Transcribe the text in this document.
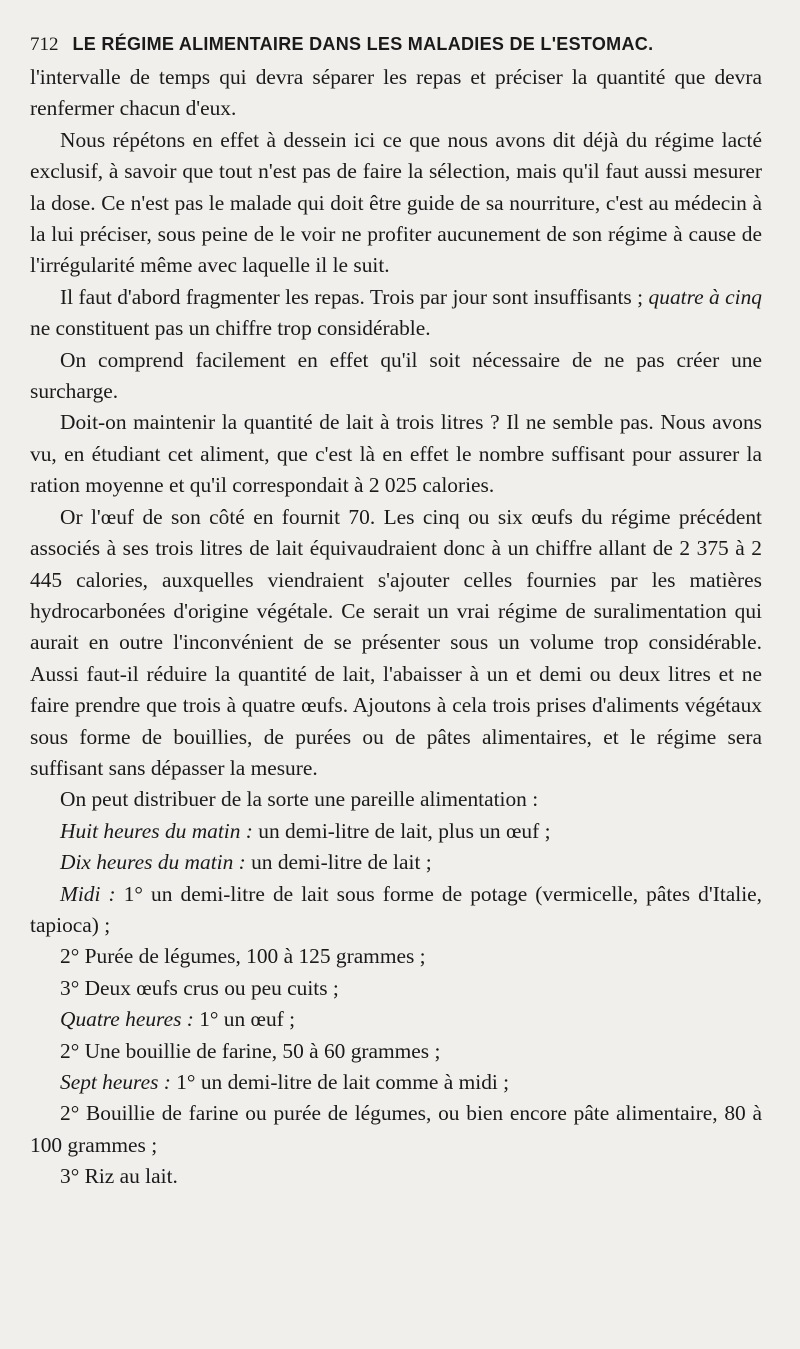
712 LE RÉGIME ALIMENTAIRE DANS LES MALADIES DE L'ESTOMAC.

l'intervalle de temps qui devra séparer les repas et préciser la quantité que devra renfermer chacun d'eux.

Nous répétons en effet à dessein ici ce que nous avons dit déjà du régime lacté exclusif, à savoir que tout n'est pas de faire la sélection, mais qu'il faut aussi mesurer la dose. Ce n'est pas le malade qui doit être guide de sa nourriture, c'est au médecin à la lui préciser, sous peine de le voir ne profiter aucunement de son régime à cause de l'irrégularité même avec laquelle il le suit.

Il faut d'abord fragmenter les repas. Trois par jour sont insuffisants ; quatre à cinq ne constituent pas un chiffre trop considérable.

On comprend facilement en effet qu'il soit nécessaire de ne pas créer une surcharge.

Doit-on maintenir la quantité de lait à trois litres ? Il ne semble pas. Nous avons vu, en étudiant cet aliment, que c'est là en effet le nombre suffisant pour assurer la ration moyenne et qu'il correspondait à 2 025 calories.

Or l'œuf de son côté en fournit 70. Les cinq ou six œufs du régime précédent associés à ses trois litres de lait équivaudraient donc à un chiffre allant de 2 375 à 2 445 calories, auxquelles viendraient s'ajouter celles fournies par les matières hydrocarbonées d'origine végétale. Ce serait un vrai régime de suralimentation qui aurait en outre l'inconvénient de se présenter sous un volume trop considérable. Aussi faut-il réduire la quantité de lait, l'abaisser à un et demi ou deux litres et ne faire prendre que trois à quatre œufs. Ajoutons à cela trois prises d'aliments végétaux sous forme de bouillies, de purées ou de pâtes alimentaires, et le régime sera suffisant sans dépasser la mesure.

On peut distribuer de la sorte une pareille alimentation :

Huit heures du matin : un demi-litre de lait, plus un œuf ;
Dix heures du matin : un demi-litre de lait ;

Midi : 1° un demi-litre de lait sous forme de potage (vermicelle, pâtes d'Italie, tapioca) ;

2° Purée de légumes, 100 à 125 grammes ;
3° Deux œufs crus ou peu cuits ;
Quatre heures : 1° un œuf ;
2° Une bouillie de farine, 50 à 60 grammes ;
Sept heures : 1° un demi-litre de lait comme à midi ;

2° Bouillie de farine ou purée de légumes, ou bien encore pâte alimentaire, 80 à 100 grammes ;

3° Riz au lait.
